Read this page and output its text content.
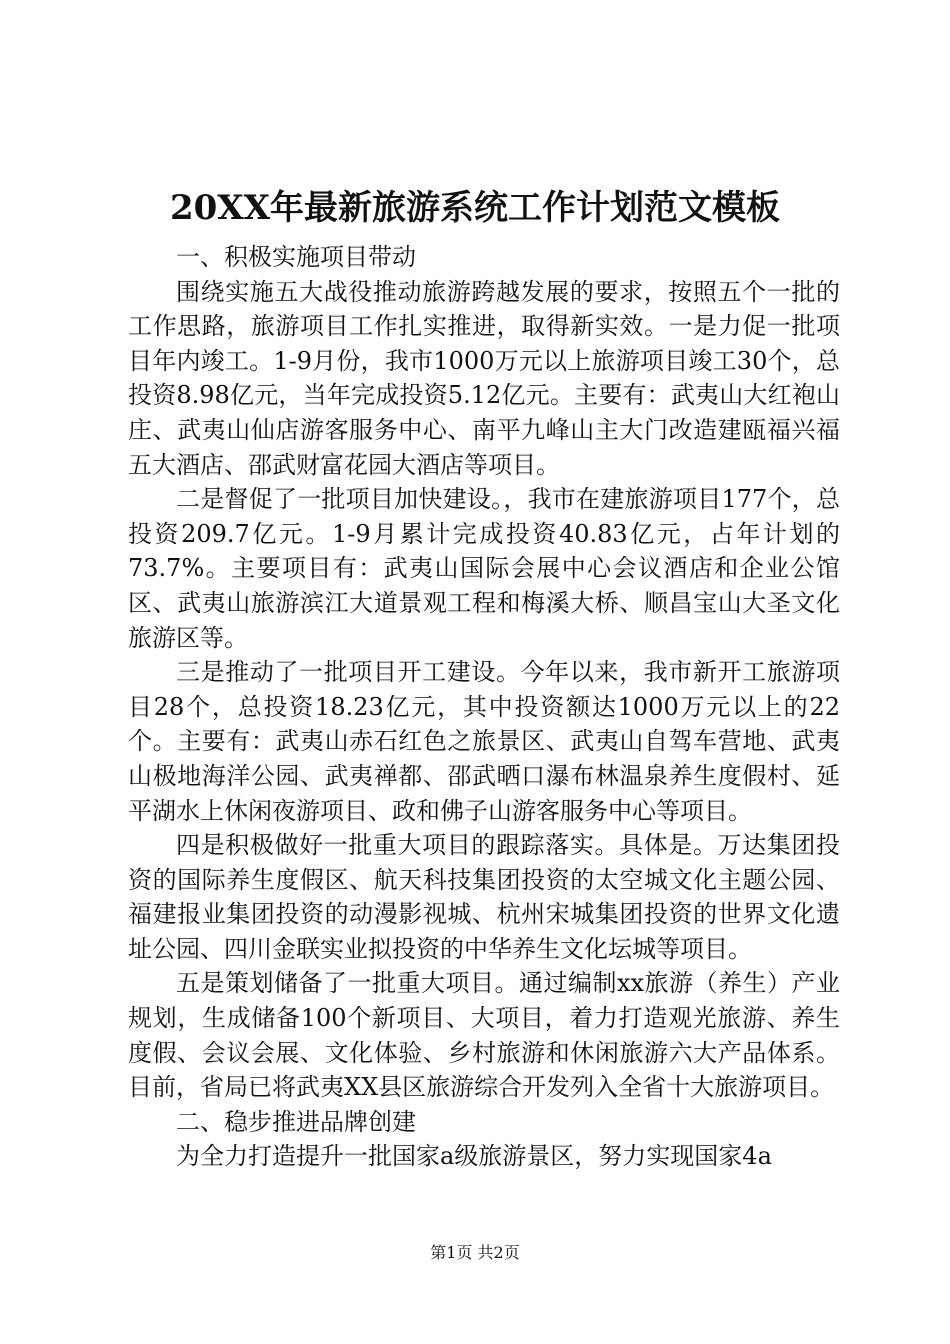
20XX年最新旅游系统工作计划范文模板

一、积极实施项目带动

围绕实施五大战役推动旅游跨越发展的要求，按照五个一批的工作思路，旅游项目工作扎实推进，取得新实效。一是力促一批项目年内竣工。1-9月份，我市1000万元以上旅游项目竣工30个，总投资8.98亿元，当年完成投资5.12亿元。主要有：武夷山大红袍山庄、武夷山仙店游客服务中心、南平九峰山主大门改造建瓯福兴福五大酒店、邵武财富花园大酒店等项目。

二是督促了一批项目加快建设。，我市在建旅游项目177个，总投资209.7亿元。1-9月累计完成投资40.83亿元，占年计划的73.7%。主要项目有：武夷山国际会展中心会议酒店和企业公馆区、武夷山旅游滨江大道景观工程和梅溪大桥、顺昌宝山大圣文化旅游区等。

三是推动了一批项目开工建设。今年以来，我市新开工旅游项目28个，总投资18.23亿元，其中投资额达1000万元以上的22个。主要有：武夷山赤石红色之旅景区、武夷山自驾车营地、武夷山极地海洋公园、武夷禅都、邵武晒口瀑布林温泉养生度假村、延平湖水上休闲夜游项目、政和佛子山游客服务中心等项目。

四是积极做好一批重大项目的跟踪落实。具体是。万达集团投资的国际养生度假区、航天科技集团投资的太空城文化主题公园、福建报业集团投资的动漫影视城、杭州宋城集团投资的世界文化遗址公园、四川金联实业拟投资的中华养生文化坛城等项目。

五是策划储备了一批重大项目。通过编制xx旅游（养生）产业规划，生成储备100个新项目、大项目，着力打造观光旅游、养生度假、会议会展、文化体验、乡村旅游和休闲旅游六大产品体系。目前，省局已将武夷XX县区旅游综合开发列入全省十大旅游项目。

二、稳步推进品牌创建

为全力打造提升一批国家a级旅游景区，努力实现国家4a

第1页 共2页
